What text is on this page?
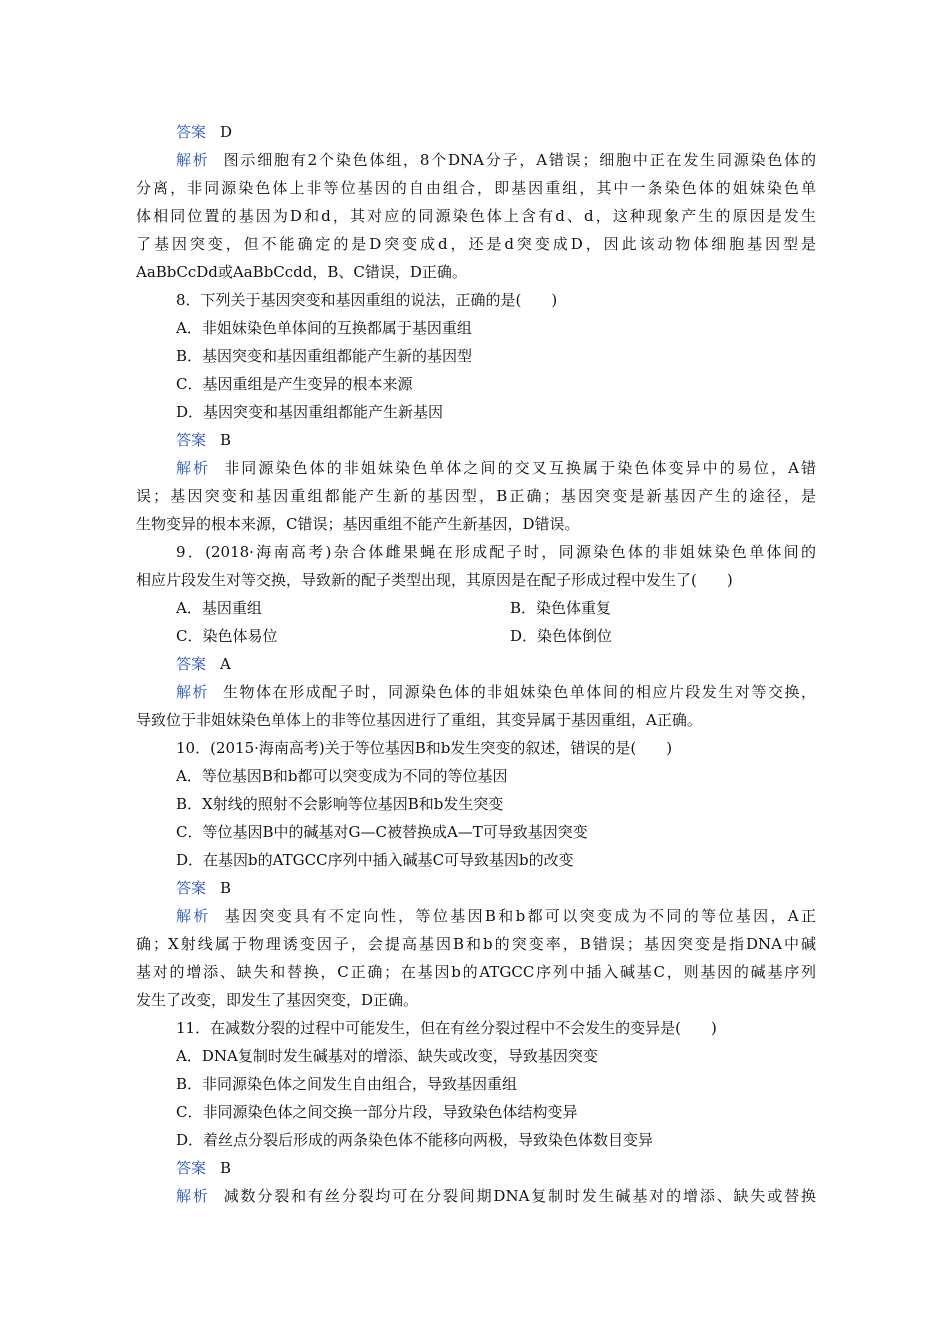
答案 D
解析 图示细胞有2个染色体组，8个DNA分子，A错误；细胞中正在发生同源染色体的
分离，非同源染色体上非等位基因的自由组合，即基因重组，其中一条染色体的姐妹染色单
体相同位置的基因为D和d，其对应的同源染色体上含有d、d，这种现象产生的原因是发生
了基因突变，但不能确定的是D突变成d，还是d突变成D，因此该动物体细胞基因型是
AaBbCcDd或AaBbCcdd，B、C错误，D正确。
8．下列关于基因突变和基因重组的说法，正确的是(　　)
A．非姐妹染色单体间的互换都属于基因重组
B．基因突变和基因重组都能产生新的基因型
C．基因重组是产生变异的根本来源
D．基因突变和基因重组都能产生新基因
答案 B
解析 非同源染色体的非姐妹染色单体之间的交叉互换属于染色体变异中的易位，A错
误；基因突变和基因重组都能产生新的基因型，B正确；基因突变是新基因产生的途径，是
生物变异的根本来源，C错误；基因重组不能产生新基因，D错误。
9．(2018·海南高考)杂合体雌果蝇在形成配子时，同源染色体的非姐妹染色单体间的
相应片段发生对等交换，导致新的配子类型出现，其原因是在配子形成过程中发生了(　　)
A．基因重组	B．染色体重复
C．染色体易位	D．染色体倒位
答案 A
解析 生物体在形成配子时，同源染色体的非姐妹染色单体间的相应片段发生对等交换，
导致位于非姐妹染色单体上的非等位基因进行了重组，其变异属于基因重组，A正确。
10．(2015·海南高考)关于等位基因B和b发生突变的叙述，错误的是(　　)
A．等位基因B和b都可以突变成为不同的等位基因
B．X射线的照射不会影响等位基因B和b发生突变
C．等位基因B中的碱基对G—C被替换成A—T可导致基因突变
D．在基因b的ATGCC序列中插入碱基C可导致基因b的改变
答案 B
解析 基因突变具有不定向性，等位基因B和b都可以突变成为不同的等位基因，A正
确；X射线属于物理诱变因子，会提高基因B和b的突变率，B错误；基因突变是指DNA中碱
基对的增添、缺失和替换，C正确；在基因b的ATGCC序列中插入碱基C，则基因的碱基序列
发生了改变，即发生了基因突变，D正确。
11．在减数分裂的过程中可能发生，但在有丝分裂过程中不会发生的变异是(　　)
A．DNA复制时发生碱基对的增添、缺失或改变，导致基因突变
B．非同源染色体之间发生自由组合，导致基因重组
C．非同源染色体之间交换一部分片段，导致染色体结构变异
D．着丝点分裂后形成的两条染色体不能移向两极，导致染色体数目变异
答案 B
解析 减数分裂和有丝分裂均可在分裂间期DNA复制时发生碱基对的增添、缺失或替换
